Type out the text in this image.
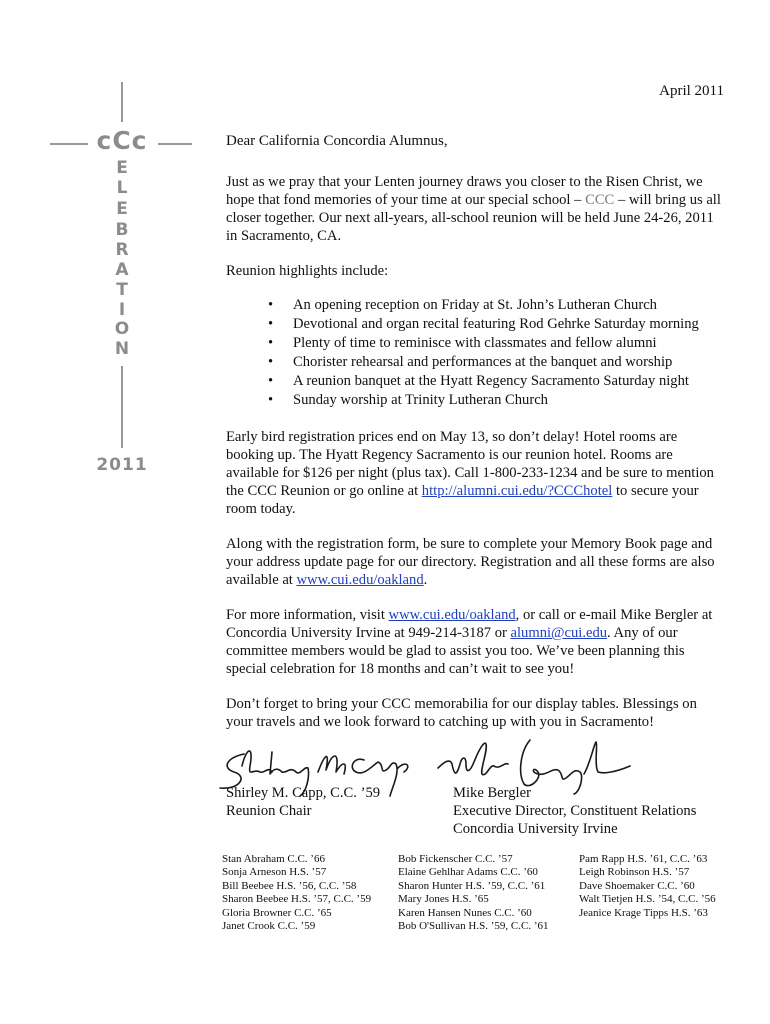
cCc
E
L
E
B
R
A
T
I
O
N
2011
April 2011
Dear California Concordia Alumnus,

Just as we pray that your Lenten journey draws you closer to the Risen Christ, we hope that fond memories of your time at our special school – CCC – will bring us all closer together. Our next all-years, all-school reunion will be held June 24-26, 2011 in Sacramento, CA.

Reunion highlights include:

• An opening reception on Friday at St. John’s Lutheran Church
• Devotional and organ recital featuring Rod Gehrke Saturday morning
• Plenty of time to reminisce with classmates and fellow alumni
• Chorister rehearsal and performances at the banquet and worship
• A reunion banquet at the Hyatt Regency Sacramento Saturday night
• Sunday worship at Trinity Lutheran Church

Early bird registration prices end on May 13, so don’t delay! Hotel rooms are booking up. The Hyatt Regency Sacramento is our reunion hotel. Rooms are available for $126 per night (plus tax). Call 1-800-233-1234 and be sure to mention the CCC Reunion or go online at http://alumni.cui.edu/?CCChotel to secure your room today.

Along with the registration form, be sure to complete your Memory Book page and your address update page for our directory. Registration and all these forms are also available at www.cui.edu/oakland.

For more information, visit www.cui.edu/oakland, or call or e-mail Mike Bergler at Concordia University Irvine at 949-214-3187 or alumni@cui.edu. Any of our committee members would be glad to assist you too. We’ve been planning this special celebration for 18 months and can’t wait to see you!

Don’t forget to bring your CCC memorabilia for our display tables. Blessings on your travels and we look forward to catching up with you in Sacramento!

Shirley M. Capp, C.C. ’59
Reunion Chair
Mike Bergler
Executive Director, Constituent Relations
Concordia University Irvine
Stan Abraham C.C. ’66
Sonja Arneson H.S. ’57
Bill Beebee H.S. ’56, C.C. ’58
Sharon Beebee H.S. ’57, C.C. ’59
Gloria Browner C.C. ’65
Janet Crook C.C. ’59
Bob Fickenscher C.C. ’57
Elaine Gehlhar Adams C.C. ’60
Sharon Hunter H.S. ’59, C.C. ’61
Mary Jones H.S. ’65
Karen Hansen Nunes C.C. ’60
Bob O'Sullivan H.S. ’59, C.C. ’61
Pam Rapp H.S. ’61, C.C. ’63
Leigh Robinson H.S. ’57
Dave Shoemaker C.C. ’60
Walt Tietjen H.S. ’54, C.C. ’56
Jeanice Krage Tipps H.S. ’63
